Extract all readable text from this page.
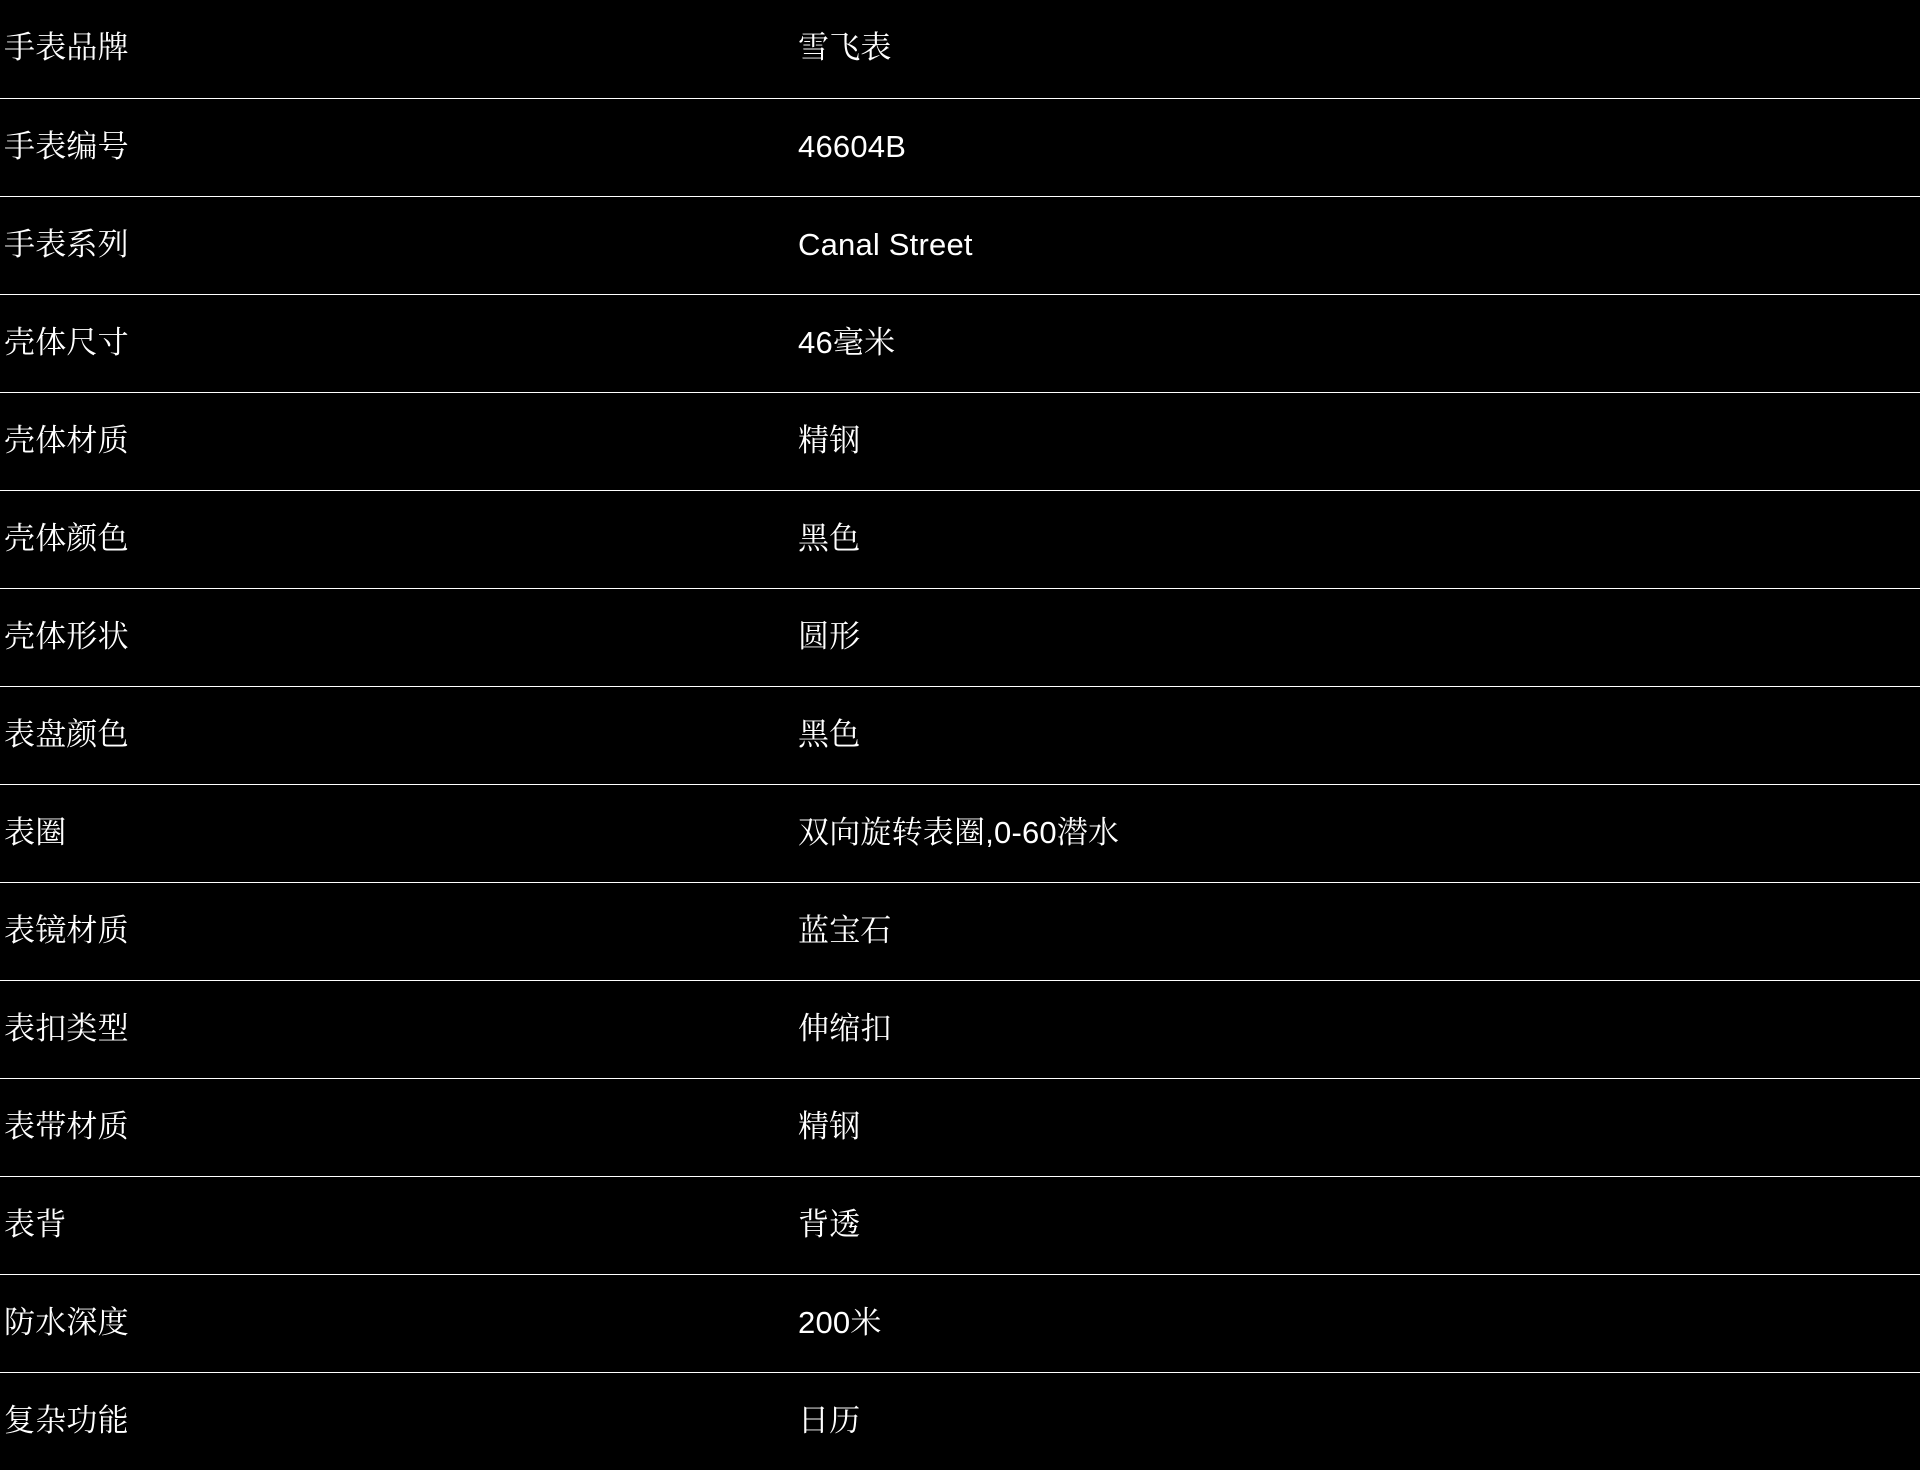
手表品牌	雪飞表
手表编号	46604B
手表系列	Canal Street
壳体尺寸	46毫米
壳体材质	精钢
壳体颜色	黑色
壳体形状	圆形
表盘颜色	黑色
表圈	双向旋转表圈,0-60潜水
表镜材质	蓝宝石
表扣类型	伸缩扣
表带材质	精钢
表背	背透
防水深度	200米
复杂功能	日历
